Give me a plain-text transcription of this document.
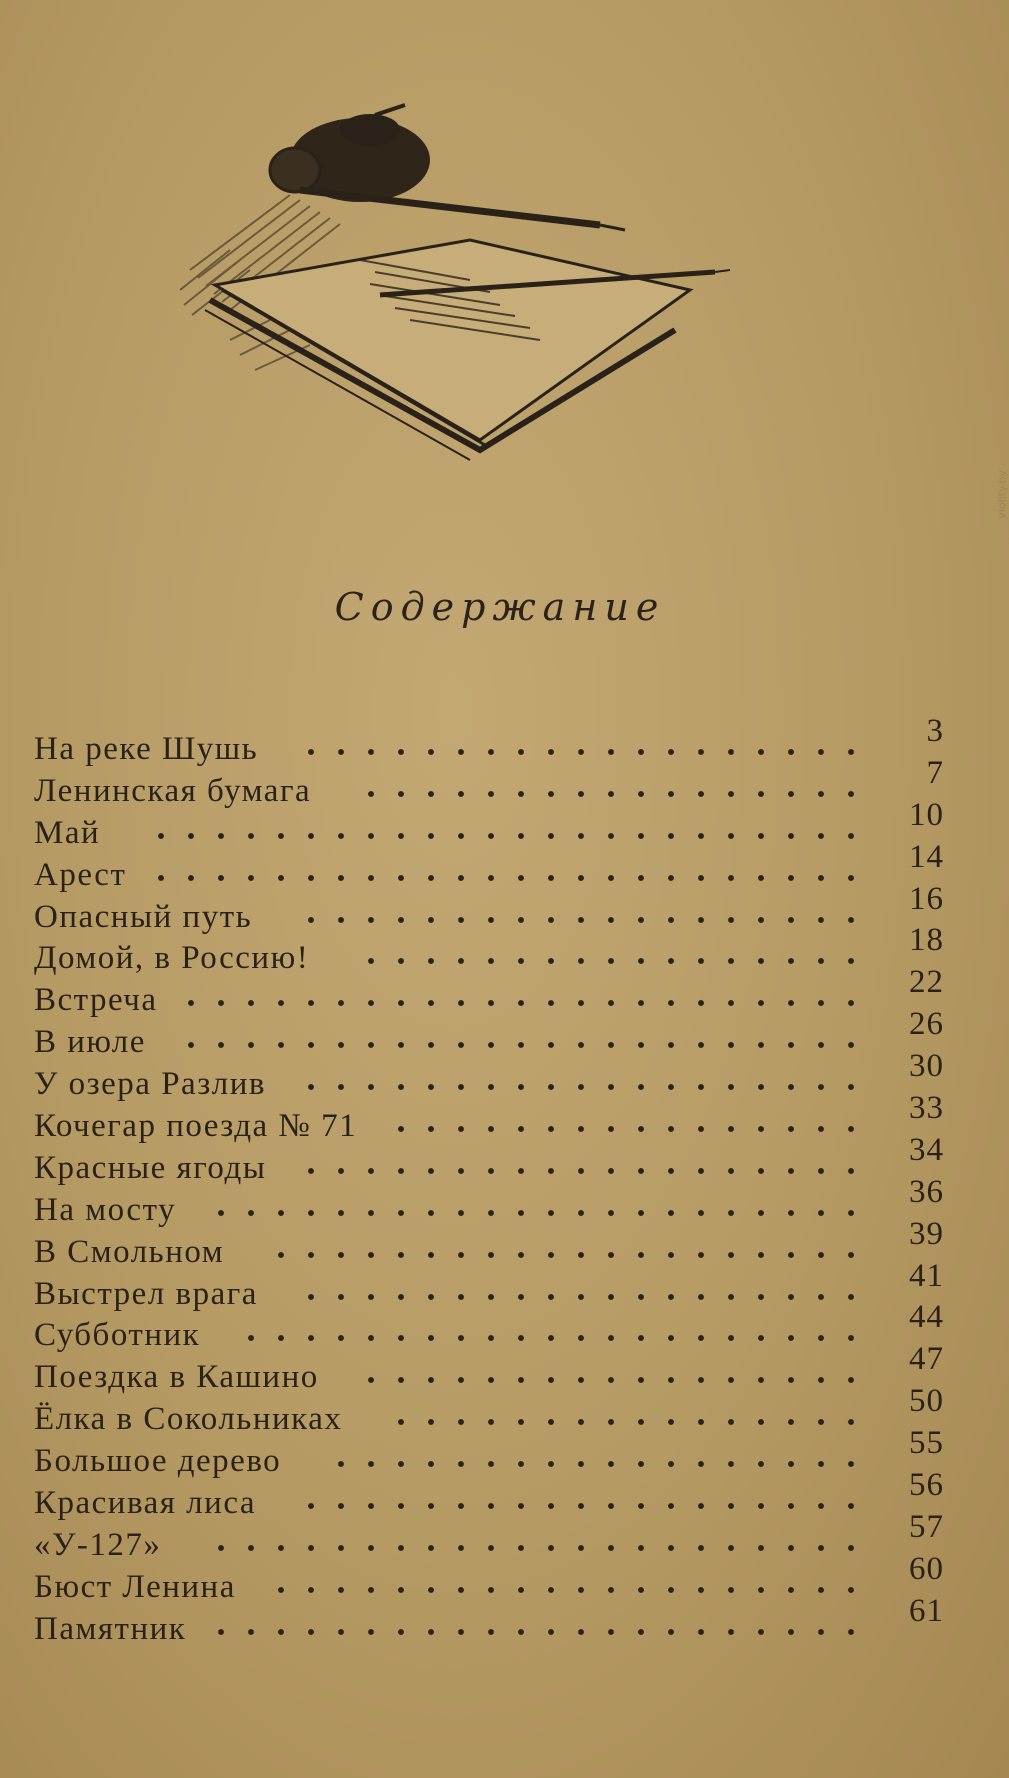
Содержание
На реке Шушь	3
Ленинская бумага	7
Май	10
Арест	14
Опасный путь	16
Домой, в Россию!	18
Встреча	22
В июле	26
У озера Разлив	30
Кочегар поезда № 71	33
Красные ягоды	34
На мосту	36
В Смольном	39
Выстрел врага	41
Субботник	44
Поездка в Кашино	47
Ёлка в Сокольниках	50
Большое дерево	55
Красивая лиса	56
«У-127»	57
Бюст Ленина	60
Памятник	61
violity.by
